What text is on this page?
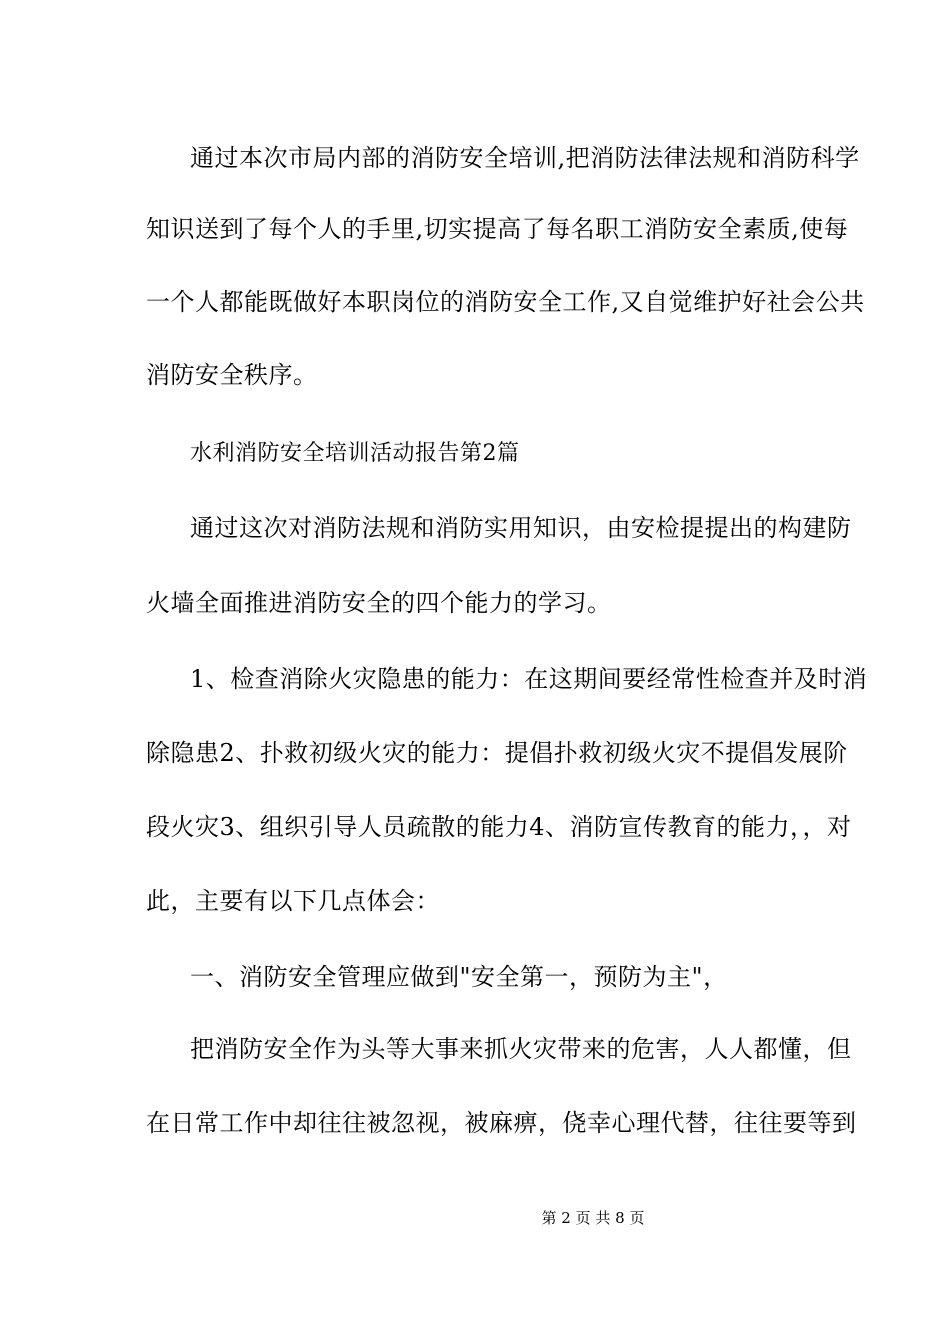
通过本次市局内部的消防安全培训,把消防法律法规和消防科学
知识送到了每个人的手里,切实提高了每名职工消防安全素质,使每
一个人都能既做好本职岗位的消防安全工作,又自觉维护好社会公共
消防安全秩序。
水利消防安全培训活动报告第2篇
通过这次对消防法规和消防实用知识，由安检提提出的构建防
火墙全面推进消防安全的四个能力的学习。
1、检查消除火灾隐患的能力：在这期间要经常性检查并及时消
除隐患2、扑救初级火灾的能力：提倡扑救初级火灾不提倡发展阶
段火灾3、组织引导人员疏散的能力4、消防宣传教育的能力，，对
此，主要有以下几点体会：
一、消防安全管理应做到"安全第一，预防为主"，
把消防安全作为头等大事来抓火灾带来的危害，人人都懂，但
在日常工作中却往往被忽视，被麻痹，侥幸心理代替，往往要等到
第 2 页 共 8 页
